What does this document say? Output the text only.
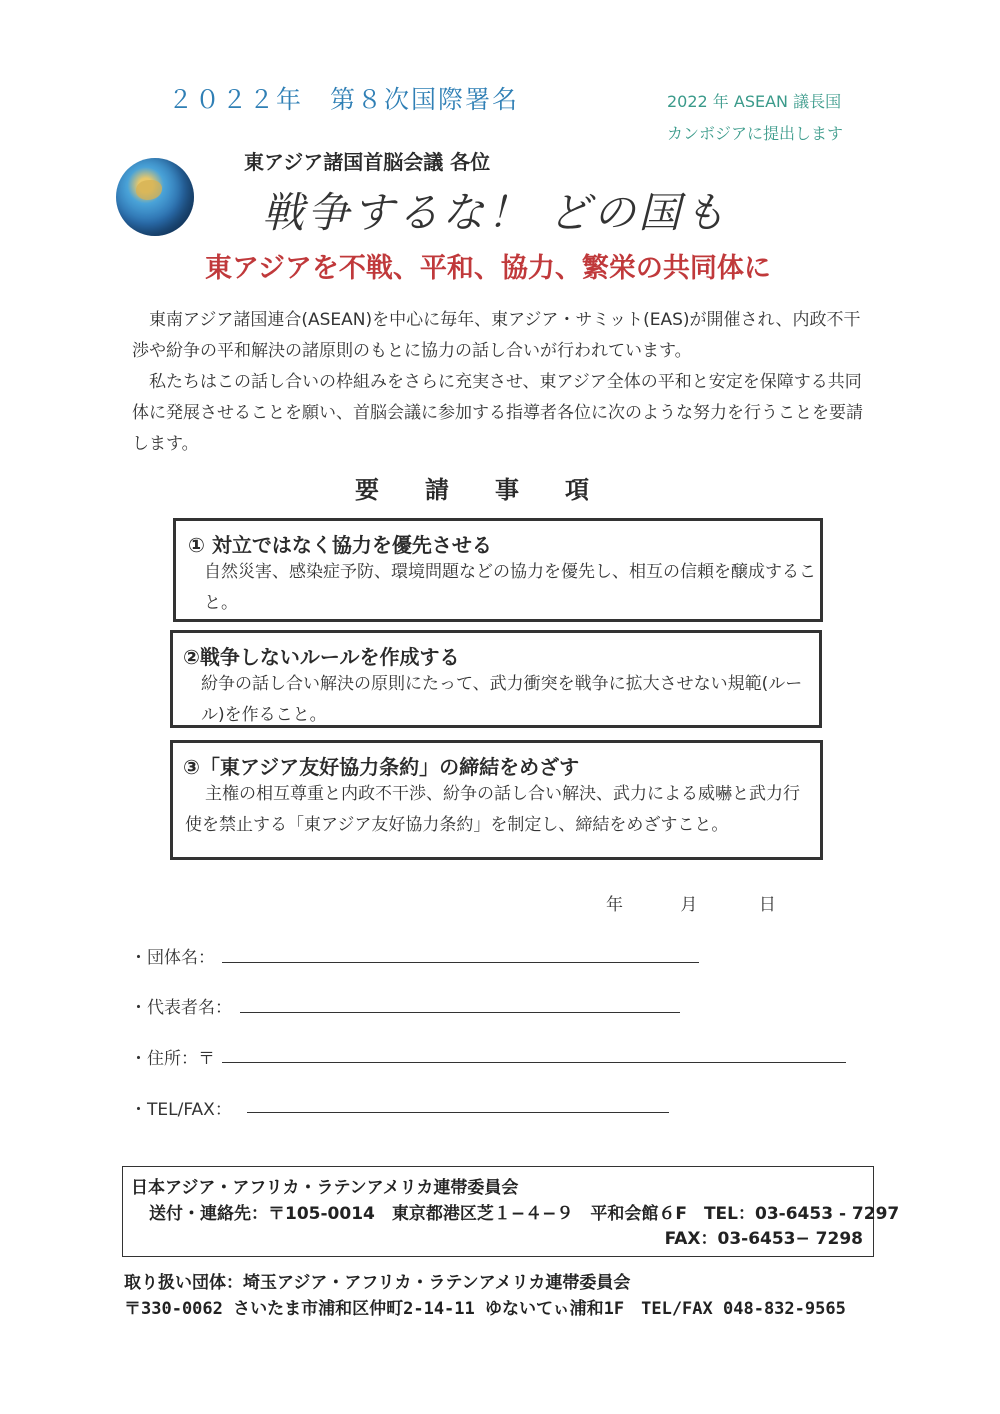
２０２２年　第８次国際署名	2022 年 ASEAN 議長国
カンボジアに提出します
東アジア諸国首脳会議 各位
戦争するな！ どの国も
東アジアを不戦、平和、協力、繁栄の共同体に

東南アジア諸国連合(ASEAN)を中心に毎年、東アジア・サミット(EAS)が開催され、内政不干渉や紛争の平和解決の諸原則のもとに協力の話し合いが行われています。

私たちはこの話し合いの枠組みをさらに充実させ、東アジア全体の平和と安定を保障する共同体に発展させることを願い、首脳会議に参加する指導者各位に次のような努力を行うことを要請します。

要請事項
① 対立ではなく協力を優先させる
自然災害、感染症予防、環境問題などの協力を優先し、相互の信頼を醸成すること。
②戦争しないルールを作成する
紛争の話し合い解決の原則にたって、武力衝突を戦争に拡大させない規範(ルール)を作ること。
③「東アジア友好協力条約」の締結をめざす
主権の相互尊重と内政不干渉、紛争の話し合い解決、武力による威嚇と武力行使を禁止する「東アジア友好協力条約」を制定し、締結をめざすこと。
年	月	日
・団体名：
・代表者名：
・住所：〒
・TEL/FAX：
日本アジア・アフリカ・ラテンアメリカ連帯委員会
送付・連絡先：〒105-0014　東京都港区芝１−４−９　平和会館６F　TEL：03-6453 - 7297
FAX：03-6453− 7298
取り扱い団体：埼玉アジア・アフリカ・ラテンアメリカ連帯委員会
〒330-0062 さいたま市浦和区仲町2-14-11 ゆないてぃ浦和1F　TEL/FAX 048-832-9565
